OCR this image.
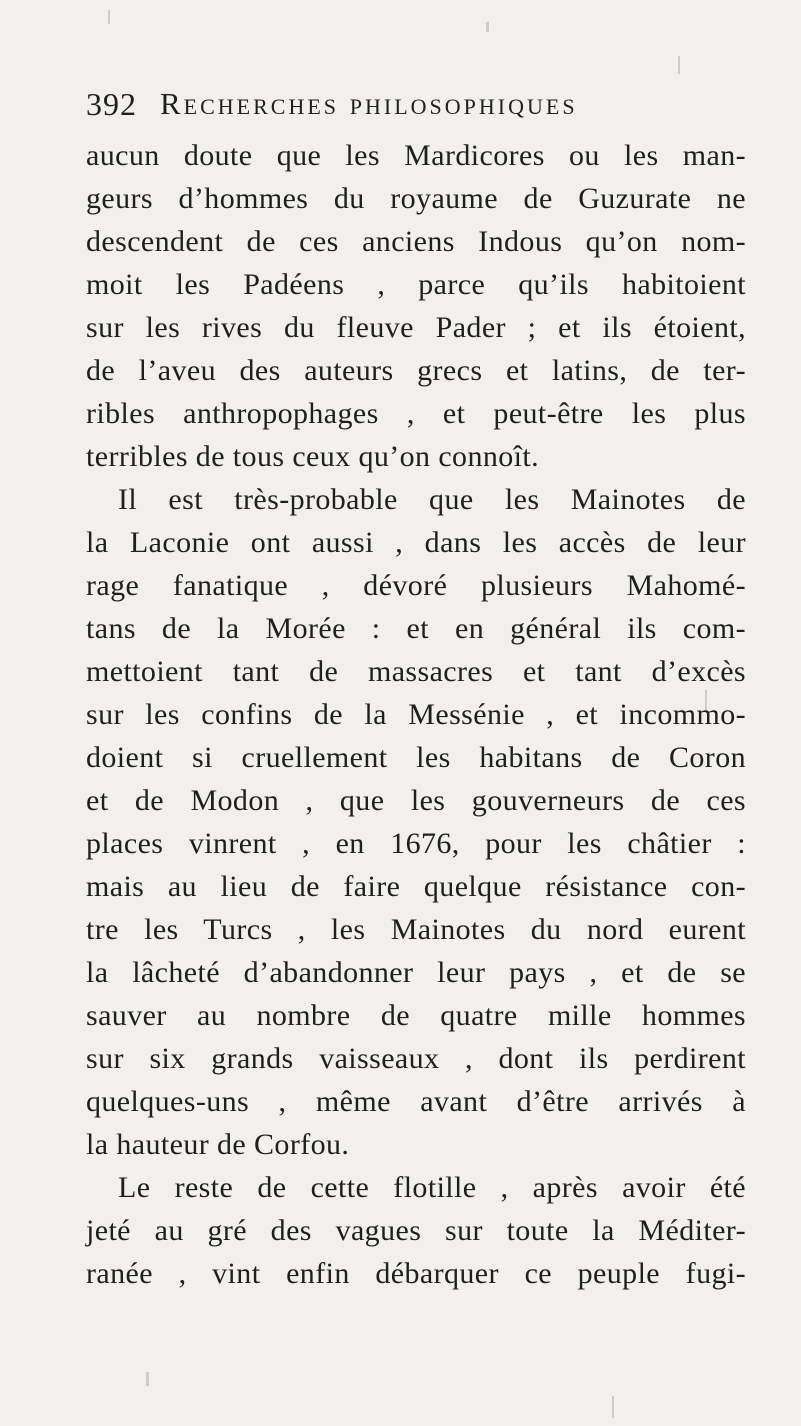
392 Recherches philosophiques
aucun doute que les Mardicores ou les man-
geurs d’hommes du royaume de Guzurate ne
descendent de ces anciens Indous qu’on nom-
moit les Padéens , parce qu’ils habitoient
sur les rives du fleuve Pader ; et ils étoient,
de l’aveu des auteurs grecs et latins, de ter-
ribles anthropophages , et peut-être les plus
terribles de tous ceux qu’on connoît.
Il est très-probable que les Mainotes de
la Laconie ont aussi , dans les accès de leur
rage fanatique , dévoré plusieurs Mahomé-
tans de la Morée : et en général ils com-
mettoient tant de massacres et tant d’excès
sur les confins de la Messénie , et incommo-
doient si cruellement les habitans de Coron
et de Modon , que les gouverneurs de ces
places vinrent , en 1676, pour les châtier :
mais au lieu de faire quelque résistance con-
tre les Turcs , les Mainotes du nord eurent
la lâcheté d’abandonner leur pays , et de se
sauver au nombre de quatre mille hommes
sur six grands vaisseaux , dont ils perdirent
quelques-uns , même avant d’être arrivés à
la hauteur de Corfou.
Le reste de cette flotille , après avoir été
jeté au gré des vagues sur toute la Méditer-
ranée , vint enfin débarquer ce peuple fugi-
